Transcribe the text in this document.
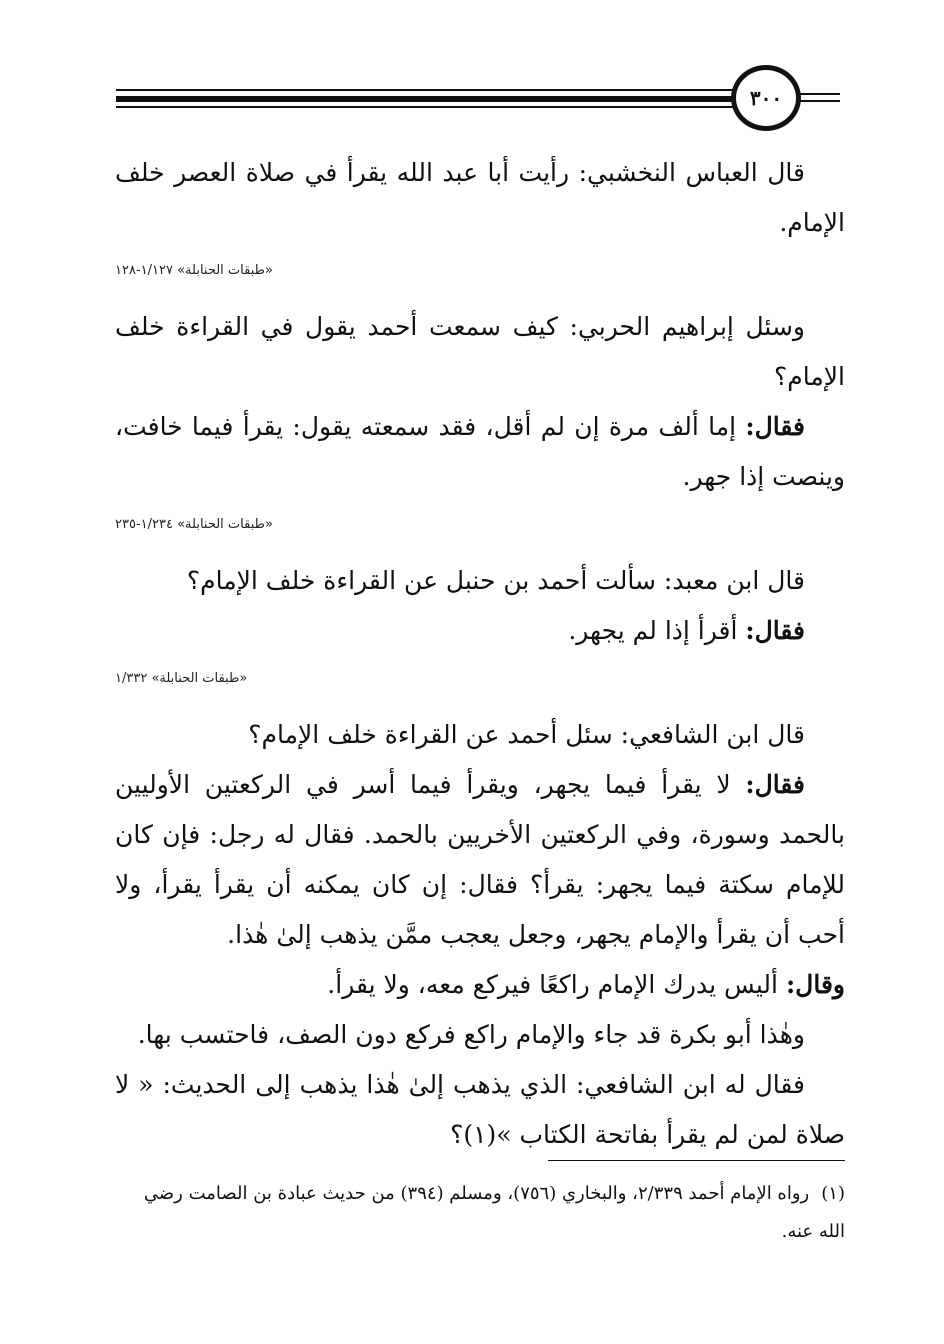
٣٠٠

قال العباس النخشبي: رأيت أبا عبد الله يقرأ في صلاة العصر خلف الإمام.

«طبقات الحنابلة» ١/١٢٧-١٢٨

وسئل إبراهيم الحربي: كيف سمعت أحمد يقول في القراءة خلف الإمام؟

فقال: إما ألف مرة إن لم أقل، فقد سمعته يقول: يقرأ فيما خافت، وينصت إذا جهر.

«طبقات الحنابلة» ١/٢٣٤-٢٣٥

قال ابن معبد: سألت أحمد بن حنبل عن القراءة خلف الإمام؟

فقال: أقرأ إذا لم يجهر.

«طبقات الحنابلة» ١/٣٣٢

قال ابن الشافعي: سئل أحمد عن القراءة خلف الإمام؟

فقال: لا يقرأ فيما يجهر، ويقرأ فيما أسر في الركعتين الأوليين بالحمد وسورة، وفي الركعتين الأخريين بالحمد. فقال له رجل: فإن كان للإمام سكتة فيما يجهر: يقرأ؟ فقال: إن كان يمكنه أن يقرأ يقرأ، ولا أحب أن يقرأ والإمام يجهر، وجعل يعجب ممَّن يذهب إلىٰ هٰذا.

وقال: أليس يدرك الإمام راكعًا فيركع معه، ولا يقرأ.

وهٰذا أبو بكرة قد جاء والإمام راكع فركع دون الصف، فاحتسب بها.

فقال له ابن الشافعي: الذي يذهب إلىٰ هٰذا يذهب إلى الحديث: « لا صلاة لمن لم يقرأ بفاتحة الكتاب »(١)؟

(١)رواه الإمام أحمد ٢/٣٣٩، والبخاري (٧٥٦)، ومسلم (٣٩٤) من حديث عبادة بن الصامت رضي الله عنه.
